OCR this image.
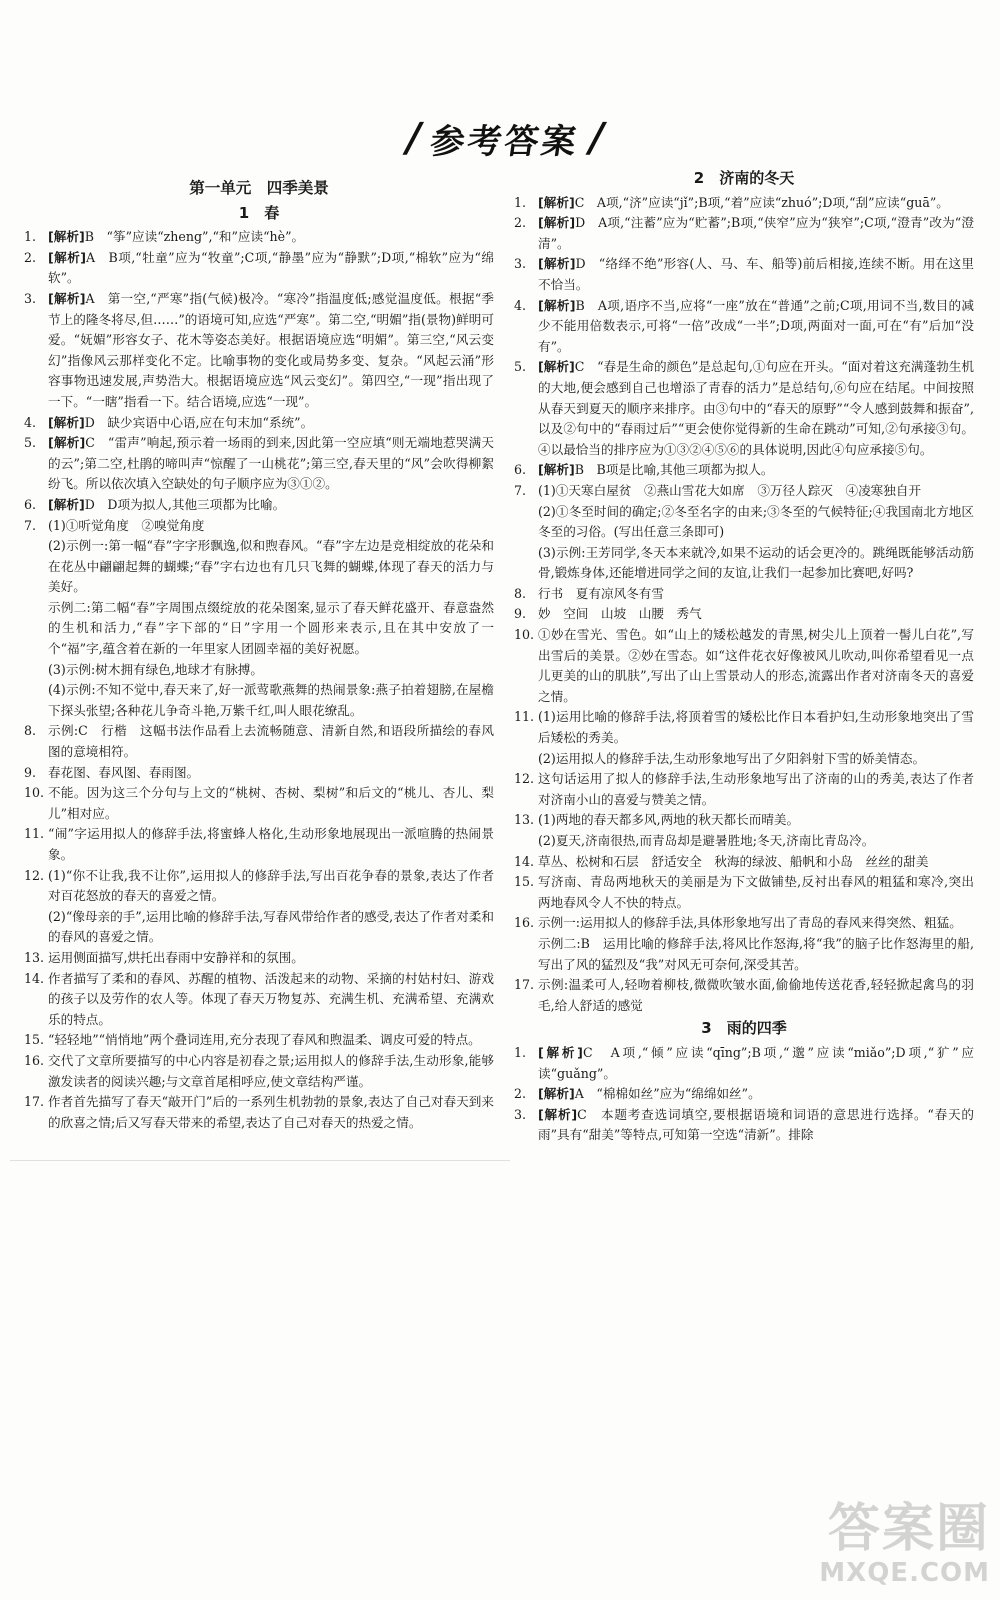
/ 参考答案 /
第一单元　四季美景
1　春
1. [解析]B　“筝”应读“zheng”,“和”应读“hè”。
2. [解析]A　B项,“牡童”应为“牧童”;C项,“静墨”应为“静默”;D项,“棉软”应为“绵软”。
3. [解析]A　第一空,“严寒”指(气候)极冷。“寒冷”指温度低;感觉温度低。根据“季节上的隆冬将尽,但……”的语境可知,应选“严寒”。第二空,“明媚”指(景物)鲜明可爱。“妩媚”形容女子、花木等姿态美好。根据语境应选“明媚”。第三空,“风云变幻”指像风云那样变化不定。比喻事物的变化或局势多变、复杂。“风起云涌”形容事物迅速发展,声势浩大。根据语境应选“风云变幻”。第四空,“一现”指出现了一下。“一瞎”指看一下。结合语境,应选“一现”。
4. [解析]D　缺少宾语中心语,应在句末加“系统”。
5. [解析]C　“雷声”响起,预示着一场雨的到来,因此第一空应填“则无端地惹哭满天的云”;第二空,杜鹃的啼叫声“惊醒了一山桃花”;第三空,春天里的“风”会吹得柳絮纷飞。所以依次填入空缺处的句子顺序应为③①②。
6. [解析]D　D项为拟人,其他三项都为比喻。
7. (1)①听觉角度　②嗅觉角度
(2)示例一:第一幅“春”字字形飘逸,似和煦春风。“春”字左边是竞相绽放的花朵和在花丛中翩翩起舞的蝴蝶;“春”字右边也有几只飞舞的蝴蝶,体现了春天的活力与美好。
示例二:第二幅“春”字周围点缀绽放的花朵图案,显示了春天鲜花盛开、春意盎然的生机和活力,“春”字下部的“日”字用一个圆形来表示,且在其中安放了一个“福”字,蕴含着在新的一年里家人团圆幸福的美好祝愿。
(3)示例:树木拥有绿色,地球才有脉搏。
(4)示例:不知不觉中,春天来了,好一派莺歌燕舞的热闹景象:燕子拍着翅膀,在屋檐下探头张望;各种花儿争奇斗艳,万紫千红,叫人眼花缭乱。
8. 示例:C　行楷　这幅书法作品看上去流畅随意、清新自然,和语段所描绘的春风图的意境相符。
9. 春花图、春风图、春雨图。
10. 不能。因为这三个分句与上文的“桃树、杏树、梨树”和后文的“桃儿、杏儿、梨儿”相对应。
11. “闹”字运用拟人的修辞手法,将蜜蜂人格化,生动形象地展现出一派喧腾的热闹景象。
12. (1)“你不让我,我不让你”,运用拟人的修辞手法,写出百花争春的景象,表达了作者对百花怒放的春天的喜爱之情。
(2)“像母亲的手”,运用比喻的修辞手法,写春风带给作者的感受,表达了作者对柔和的春风的喜爱之情。
13. 运用侧面描写,烘托出春雨中安静祥和的氛围。
14. 作者描写了柔和的春风、苏醒的植物、活泼起来的动物、采摘的村姑村妇、游戏的孩子以及劳作的农人等。体现了春天万物复苏、充满生机、充满希望、充满欢乐的特点。
15. “轻轻地”“悄悄地”两个叠词连用,充分表现了春风和煦温柔、调皮可爱的特点。
16. 交代了文章所要描写的中心内容是初春之景;运用拟人的修辞手法,生动形象,能够激发读者的阅读兴趣;与文章首尾相呼应,使文章结构严谨。
17. 作者首先描写了春天“敲开门”后的一系列生机勃勃的景象,表达了自己对春天到来的欣喜之情;后又写春天带来的希望,表达了自己对春天的热爱之情。
2　济南的冬天
1. [解析]C　A项,“济”应读“jǐ”;B项,“着”应读“zhuó”;D项,“刮”应读“guā”。
2. [解析]D　A项,“注蓄”应为“贮蓄”;B项,“侠窄”应为“狭窄”;C项,“澄青”改为“澄清”。
3. [解析]D　“络绎不绝”形容(人、马、车、船等)前后相接,连续不断。用在这里不恰当。
4. [解析]B　A项,语序不当,应将“一座”放在“普通”之前;C项,用词不当,数目的减少不能用倍数表示,可将“一倍”改成“一半”;D项,两面对一面,可在“有”后加“没有”。
5. [解析]C　“春是生命的颜色”是总起句,①句应在开头。“面对着这充满蓬勃生机的大地,便会感到自己也增添了青春的活力”是总结句,⑥句应在结尾。中间按照从春天到夏天的顺序来排序。由③句中的“春天的原野”“令人感到鼓舞和振奋”,以及②句中的“春雨过后”“更会使你觉得新的生命在跳动”可知,②句承接③句。④以最恰当的排序应为①③②④⑤⑥的具体说明,因此④句应承接⑤句。
6. [解析]B　B项是比喻,其他三项都为拟人。
7. (1)①天寒白屋贫　②燕山雪花大如席　③万径人踪灭　④凌寒独自开
(2)①冬至时间的确定;②冬至名字的由来;③冬至的气候特征;④我国南北方地区冬至的习俗。(写出任意三条即可)
(3)示例:王芳同学,冬天本来就冷,如果不运动的话会更冷的。跳绳既能够活动筋骨,锻炼身体,还能增进同学之间的友谊,让我们一起参加比赛吧,好吗?
8. 行书　夏有凉风冬有雪
9. 妙　空间　山坡　山腰　秀气
10. ①妙在雪光、雪色。如“山上的矮松越发的青黑,树尖儿上顶着一髻儿白花”,写出雪后的美景。②妙在雪态。如“这件花衣好像被风儿吹动,叫你希望看见一点儿更美的山的肌肤”,写出了山上雪景动人的形态,流露出作者对济南冬天的喜爱之情。
11. (1)运用比喻的修辞手法,将顶着雪的矮松比作日本看护妇,生动形象地突出了雪后矮松的秀美。
(2)运用拟人的修辞手法,生动形象地写出了夕阳斜射下雪的娇美情态。
12. 这句话运用了拟人的修辞手法,生动形象地写出了济南的山的秀美,表达了作者对济南小山的喜爱与赞美之情。
13. (1)两地的春天都多风,两地的秋天都长而晴美。
(2)夏天,济南很热,而青岛却是避暑胜地;冬天,济南比青岛冷。
14. 草丛、松树和石层　舒适安全　秋海的绿波、船帆和小岛　丝丝的甜美
15. 写济南、青岛两地秋天的美丽是为下文做铺垫,反衬出春风的粗猛和寒冷,突出两地春风令人不快的特点。
16. 示例一:运用拟人的修辞手法,具体形象地写出了青岛的春风来得突然、粗猛。
示例二:B　运用比喻的修辞手法,将风比作怒海,将“我”的脑子比作怒海里的船,写出了风的猛烈及“我”对风无可奈何,深受其苦。
17. 示例:温柔可人,轻吻着柳枝,微微吹皱水面,偷偷地传送花香,轻轻掀起禽鸟的羽毛,给人舒适的感觉
3　雨的四季
1. [解析]C　A项,“倾”应读“qīng”;B项,“邈”应读“miǎo”;D项,“犷”应读“guǎng”。
2. [解析]A　“棉棉如丝”应为“绵绵如丝”。
3. [解析]C　本题考查选词填空,要根据语境和词语的意思进行选择。“春天的雨”具有“甜美”等特点,可知第一空选“清新”。排除
答案圈
MXQE.COM
